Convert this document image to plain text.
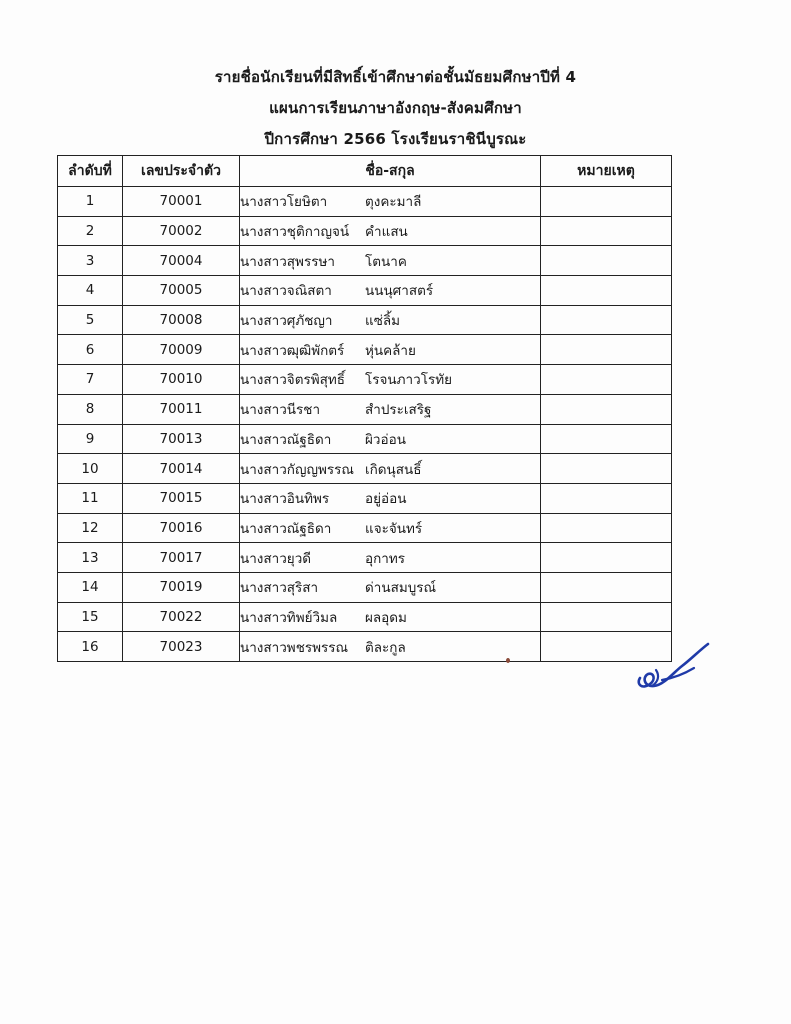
รายชื่อนักเรียนที่มีสิทธิ์เข้าศึกษาต่อชั้นมัธยมศึกษาปีที่ 4
แผนการเรียนภาษาอังกฤษ-สังคมศึกษา
ปีการศึกษา 2566 โรงเรียนราชินีบูรณะ
ลำดับที่	เลขประจำตัว	ชื่อ-สกุล	หมายเหตุ
1	70001	นางสาวโยษิตา ตุงคะมาลี	
2	70002	นางสาวชุติกาญจน์ คำแสน	
3	70004	นางสาวสุพรรษา โตนาค	
4	70005	นางสาวจณิสตา นนนุศาสตร์	
5	70008	นางสาวศุภัชญา แซ่ลิ้ม	
6	70009	นางสาวฒุฒิพักตร์ หุ่นคล้าย	
7	70010	นางสาวจิตรพิสุทธิ์ โรจนภาวโรทัย	
8	70011	นางสาวนีรชา สำประเสริฐ	
9	70013	นางสาวณัฐธิดา ผิวอ่อน	
10	70014	นางสาวกัญญพรรณ เกิดนุสนธิ์	
11	70015	นางสาวอินทิพร อยู่อ่อน	
12	70016	นางสาวณัฐธิดา แจะจันทร์	
13	70017	นางสาวยุวดี อุกาทร	
14	70019	นางสาวสุริสา ด่านสมบูรณ์	
15	70022	นางสาวทิพย์วิมล ผลอุดม	
16	70023	นางสาวพชรพรรณ ติละกูล	
